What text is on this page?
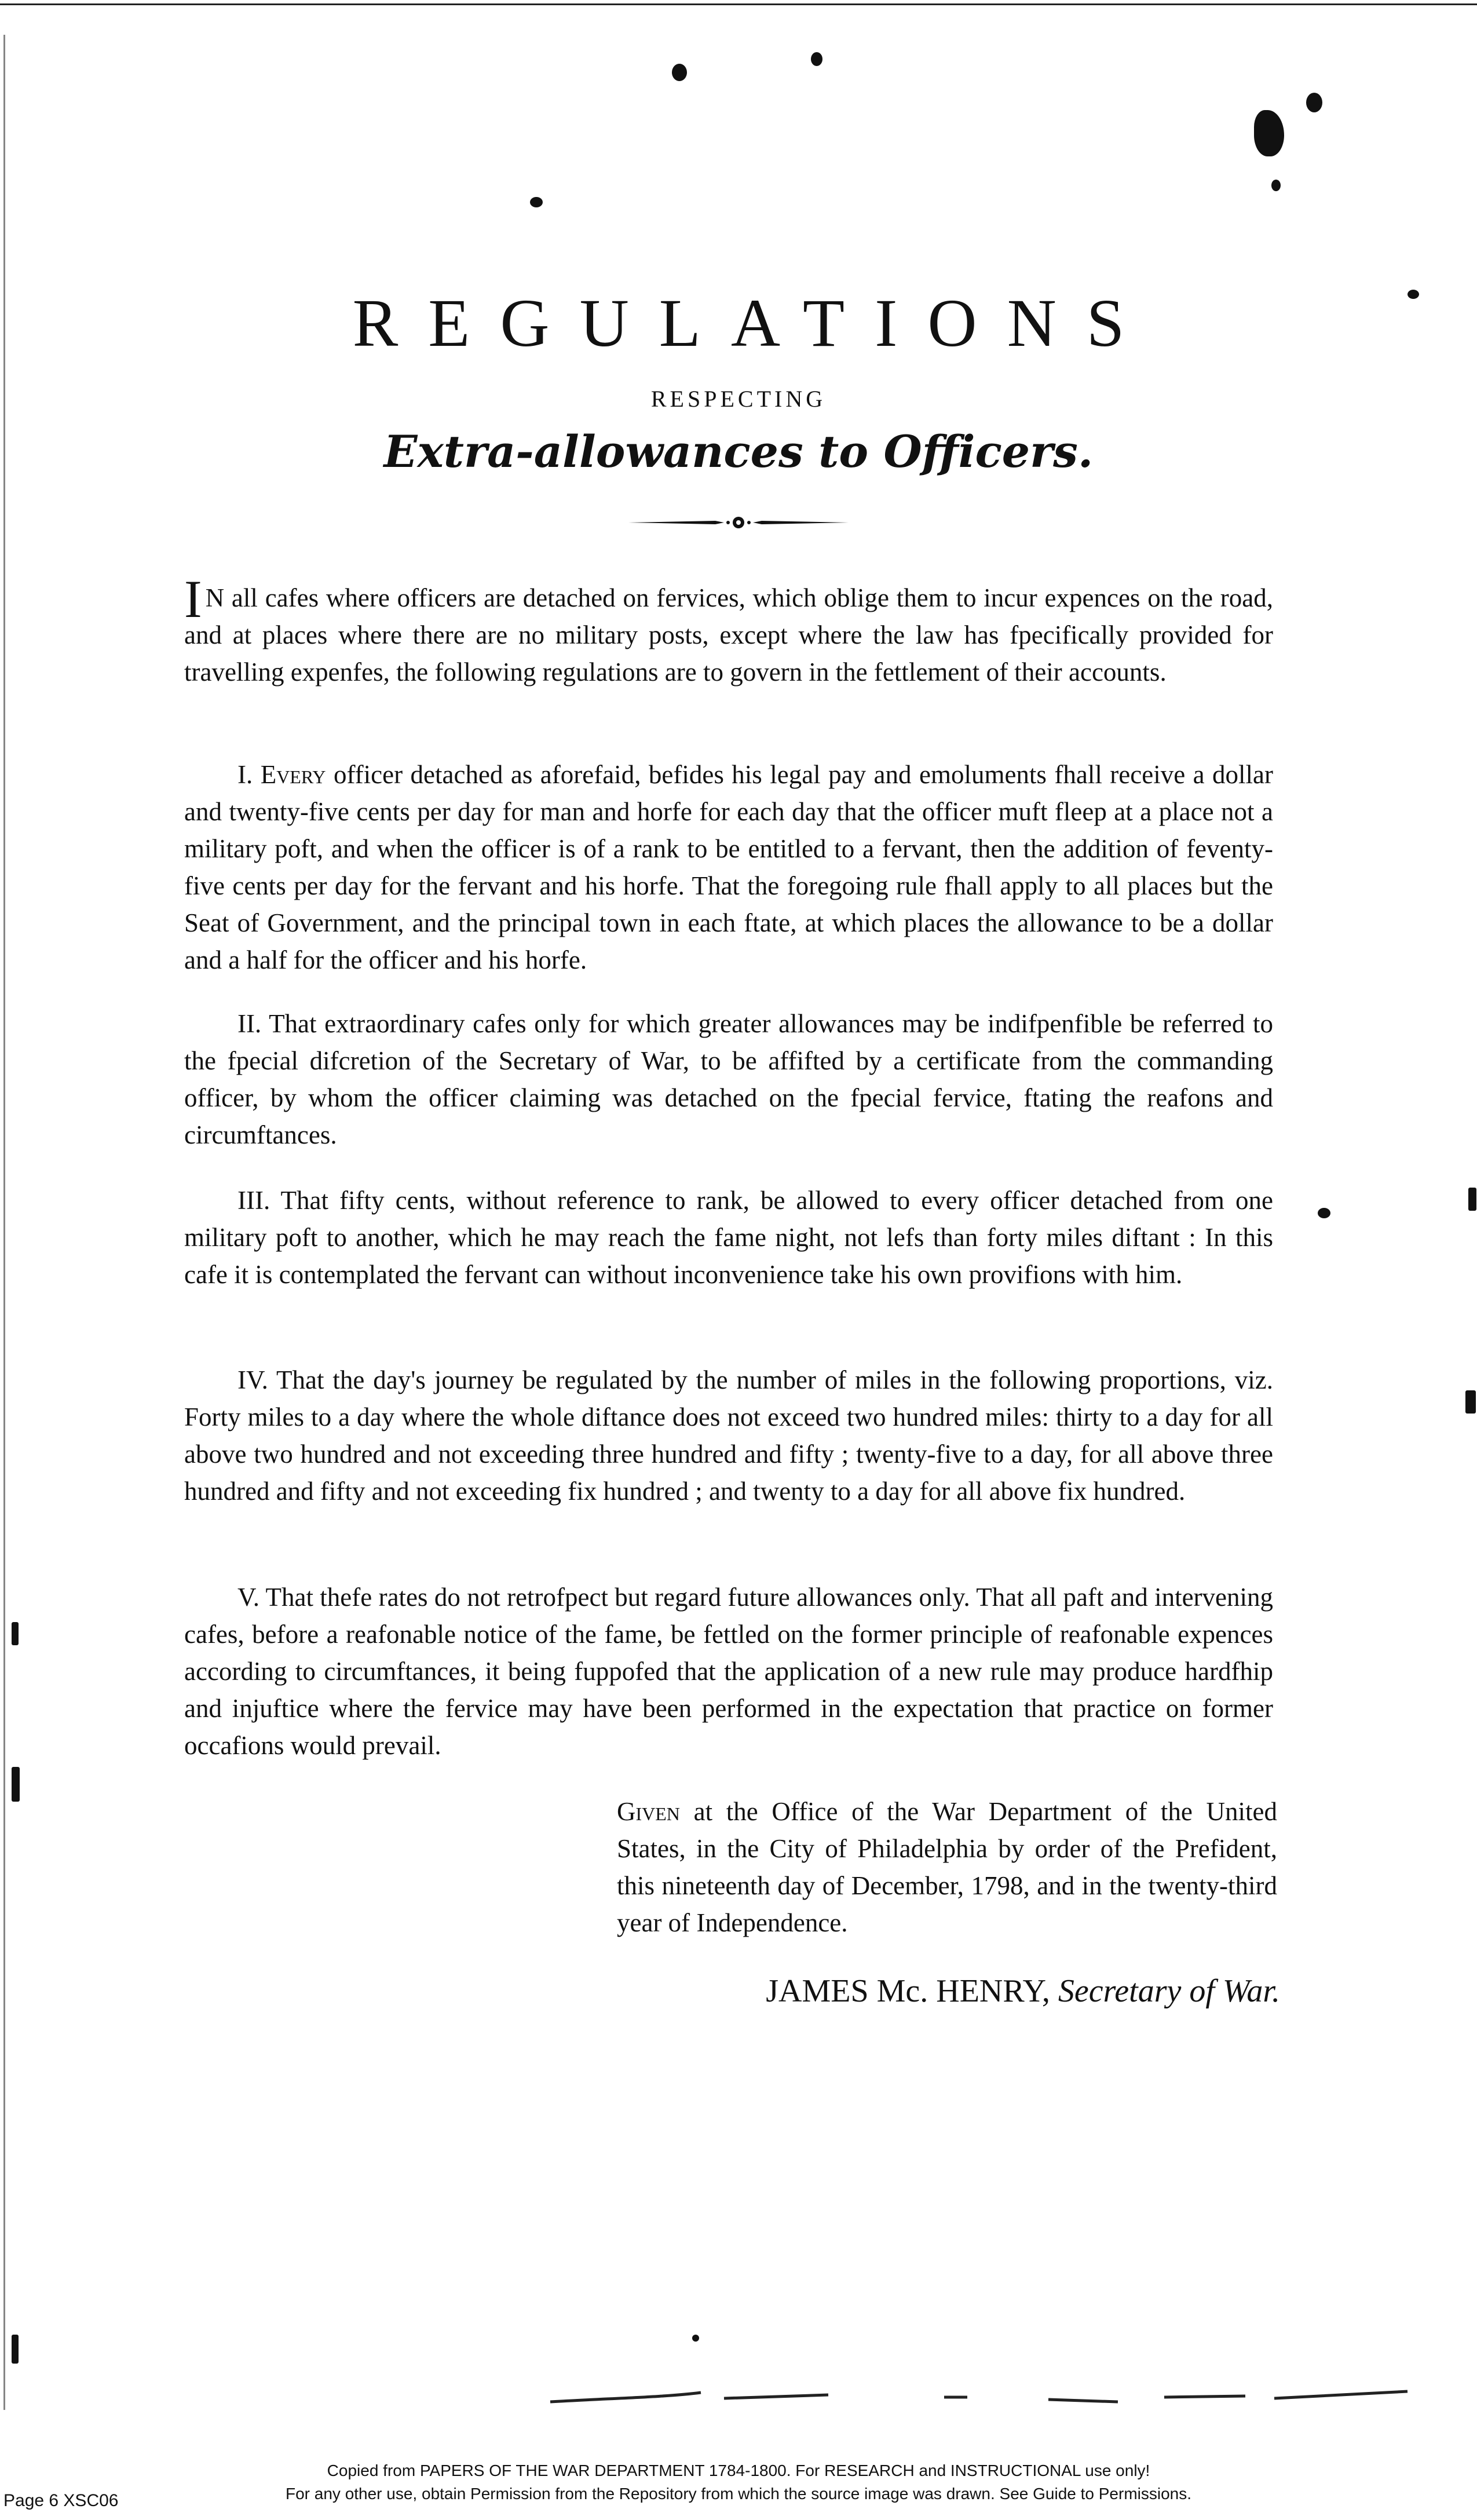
REGULATIONS
RESPECTING
Extra-allowances to Officers.

I N all cafes where officers are detached on fervices, which oblige them to incur expences on the road, and at places where there are no military posts, except where the law has fpecifically provided for travelling expenfes, the following regulations are to govern in the fettlement of their accounts.

I. Every officer detached as aforefaid, befides his legal pay and emoluments fhall receive a dollar and twenty-five cents per day for man and horfe for each day that the officer muft fleep at a place not a military poft, and when the officer is of a rank to be entitled to a fervant, then the addition of feventy-five cents per day for the fervant and his horfe. That the foregoing rule fhall apply to all places but the Seat of Government, and the principal town in each ftate, at which places the allowance to be a dollar and a half for the officer and his horfe.

II. That extraordinary cafes only for which greater allowances may be indifpenfible be referred to the fpecial difcretion of the Secretary of War, to be affifted by a certificate from the commanding officer, by whom the officer claiming was detached on the fpecial fervice, ftating the reafons and circumftances.

III. That fifty cents, without reference to rank, be allowed to every officer detached from one military poft to another, which he may reach the fame night, not lefs than forty miles diftant : In this cafe it is contemplated the fervant can without inconvenience take his own provifions with him.

IV. That the day's journey be regulated by the number of miles in the following proportions, viz. Forty miles to a day where the whole diftance does not exceed two hundred miles: thirty to a day for all above two hundred and not exceeding three hundred and fifty ; twenty-five to a day, for all above three hundred and fifty and not exceeding fix hundred ; and twenty to a day for all above fix hundred.

V. That thefe rates do not retrofpect but regard future allowances only. That all paft and intervening cafes, before a reafonable notice of the fame, be fettled on the former principle of reafonable expences according to circumftances, it being fuppofed that the application of a new rule may produce hardfhip and injuftice where the fervice may have been performed in the expectation that practice on former occafions would prevail.

Given at the Office of the War Department of the United States, in the City of Philadelphia by order of the Prefident, this nineteenth day of December, 1798, and in the twenty-third year of Independence.
JAMES Mc. HENRY, Secretary of War.
Copied from PAPERS OF THE WAR DEPARTMENT 1784-1800. For RESEARCH and INSTRUCTIONAL use only!
For any other use, obtain Permission from the Repository from which the source image was drawn. See Guide to Permissions.
Page 6 XSC06
